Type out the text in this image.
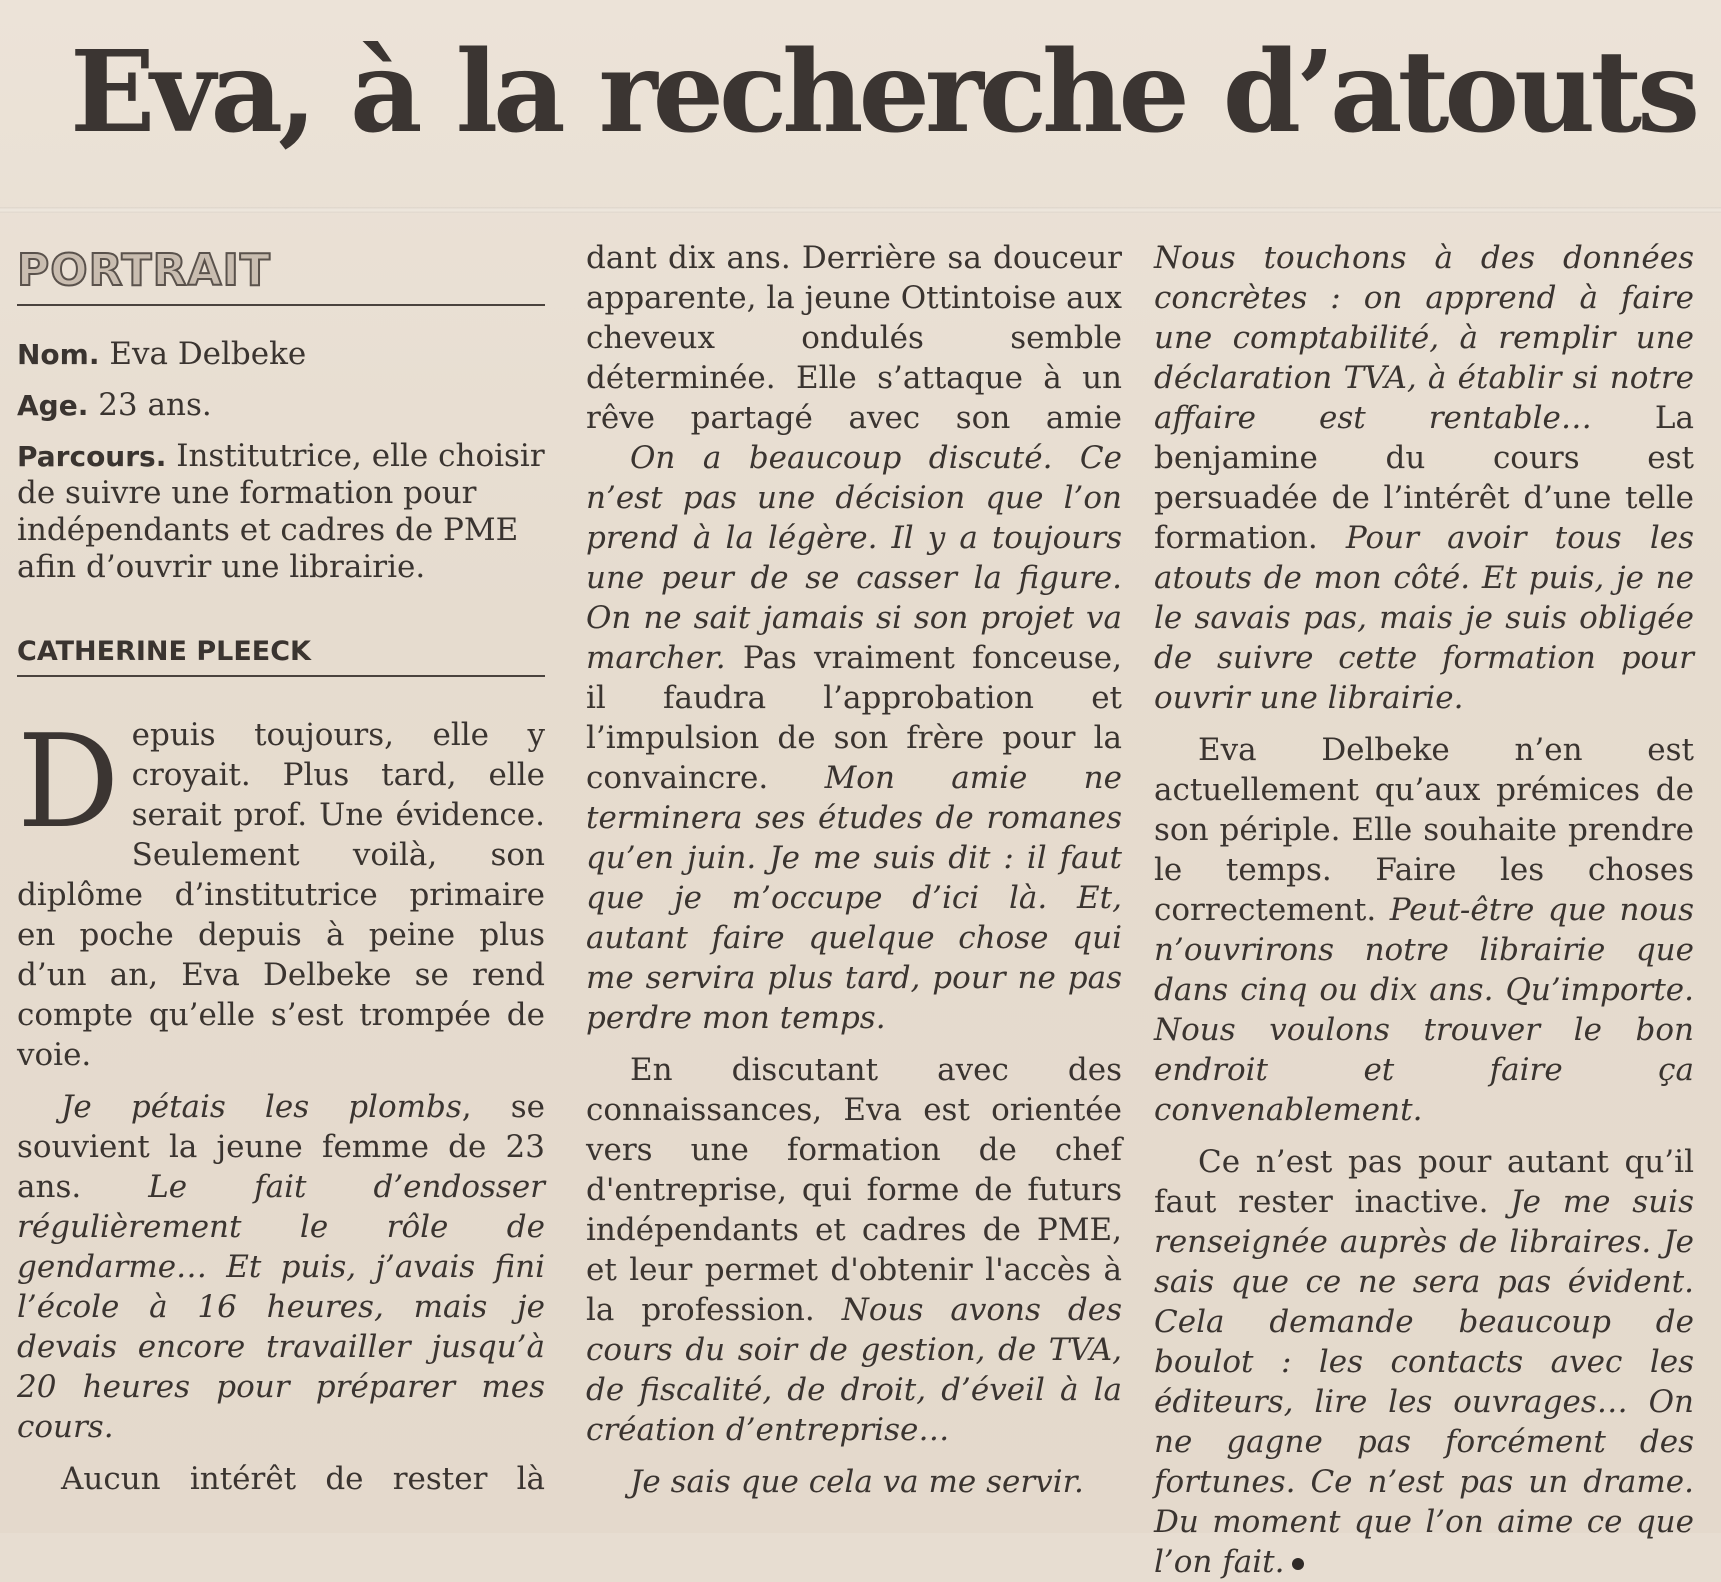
Eva, à la recherche d’atouts
PORTRAIT
Nom. Eva Delbeke
Age. 23 ans.
Parcours. Institutrice, elle choisir de suivre une formation pour indépendants et cadres de PME afin d’ouvrir une librairie.
CATHERINE PLEECK

Depuis toujours, elle y croyait. Plus tard, elle serait prof. Une évidence. Seulement voilà, son diplôme d’institutrice primaire en poche depuis à peine plus d’un an, Eva Delbeke se rend compte qu’elle s’est trompée de voie.

Je pétais les plombs, se souvient la jeune femme de 23 ans. Le fait d’endosser régulièrement le rôle de gendarme… Et puis, j’avais fini l’école à 16 heures, mais je devais encore travailler jusqu’à 20 heures pour préparer mes cours.

Aucun intérêt de rester là

dant dix ans. Derrière sa douceur apparente, la jeune Ottintoise aux cheveux ondulés semble déterminée. Elle s’attaque à un rêve partagé avec son amie

On a beaucoup discuté. Ce n’est pas une décision que l’on prend à la légère. Il y a toujours une peur de se casser la figure. On ne sait jamais si son projet va marcher. Pas vraiment fonceuse, il faudra l’approbation et l’impulsion de son frère pour la convaincre. Mon amie ne terminera ses études de romanes qu’en juin. Je me suis dit : il faut que je m’occupe d’ici là. Et, autant faire quelque chose qui me servira plus tard, pour ne pas perdre mon temps.

En discutant avec des connaissances, Eva est orientée vers une formation de chef d'entreprise, qui forme de futurs indépendants et cadres de PME, et leur permet d'obtenir l'accès à la profession. Nous avons des cours du soir de gestion, de TVA, de fiscalité, de droit, d’éveil à la création d’entreprise…

Je sais que cela va me servir.

Nous touchons à des données concrètes : on apprend à faire une comptabilité, à remplir une déclaration TVA, à établir si notre affaire est rentable… La benjamine du cours est persuadée de l’intérêt d’une telle formation. Pour avoir tous les atouts de mon côté. Et puis, je ne le savais pas, mais je suis obligée de suivre cette formation pour ouvrir une librairie.

Eva Delbeke n’en est actuellement qu’aux prémices de son périple. Elle souhaite prendre le temps. Faire les choses correctement. Peut-être que nous n’ouvrirons notre librairie que dans cinq ou dix ans. Qu’importe. Nous voulons trouver le bon endroit et faire ça convenablement.

Ce n’est pas pour autant qu’il faut rester inactive. Je me suis renseignée auprès de libraires. Je sais que ce ne sera pas évident. Cela demande beaucoup de boulot : les contacts avec les éditeurs, lire les ouvrages… On ne gagne pas forcément des fortunes. Ce n’est pas un drame. Du moment que l’on aime ce que l’on fait.
